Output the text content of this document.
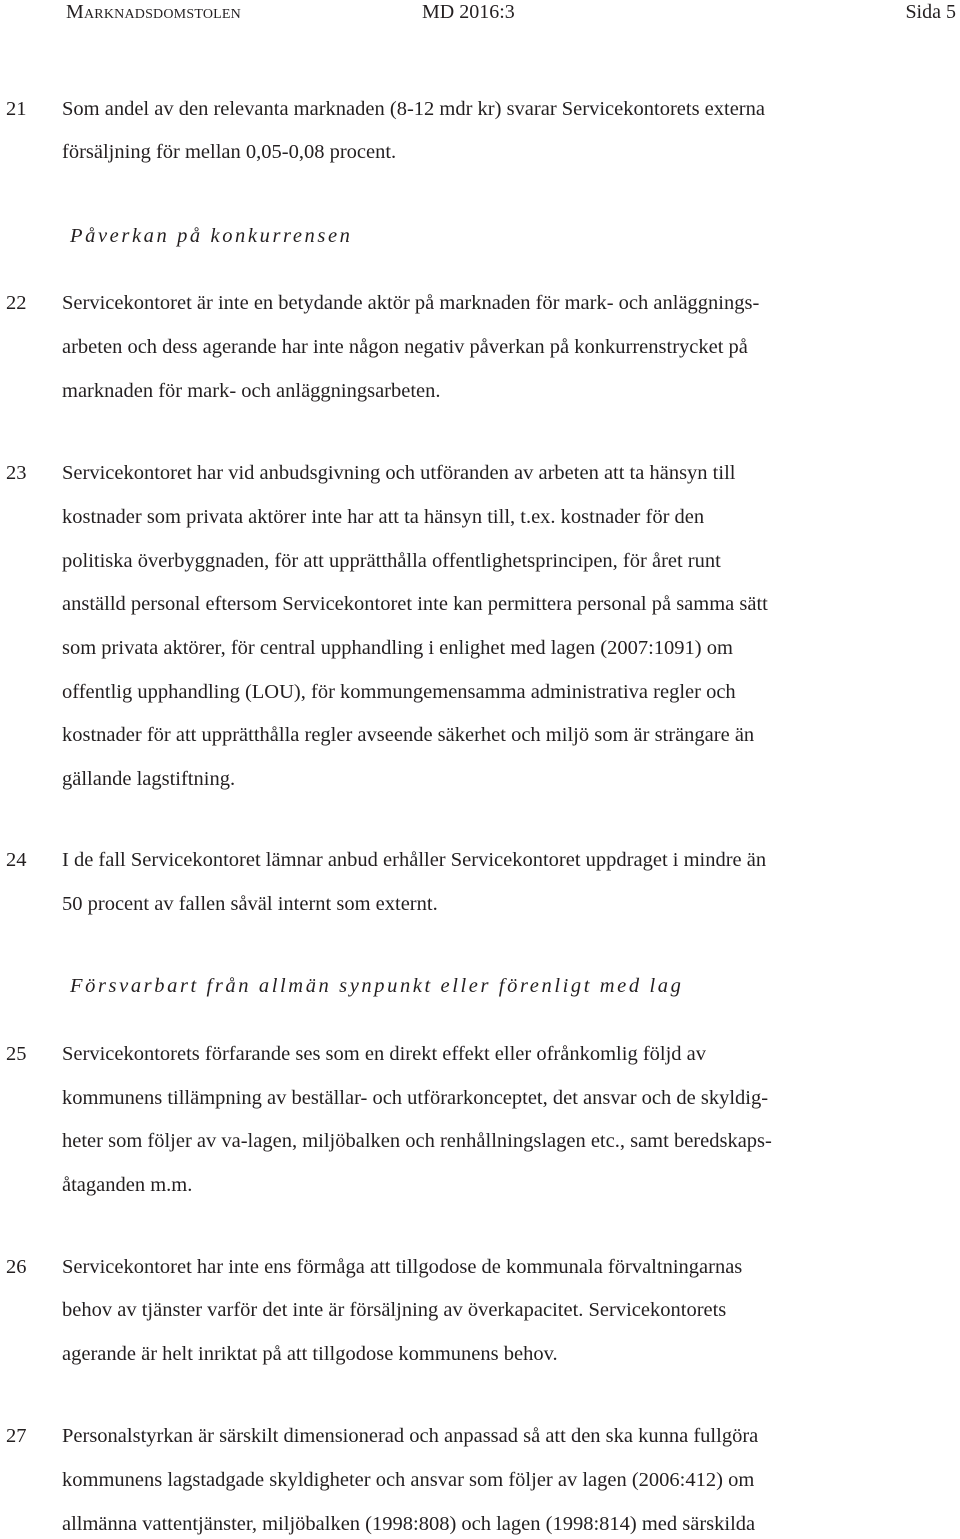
Marknadsdomstolen	MD 2016:3	Sida 5
21 Som andel av den relevanta marknaden (8-12 mdr kr) svarar Servicekontorets externa
försäljning för mellan 0,05-0,08 procent.
Påverkan på konkurrensen
22 Servicekontoret är inte en betydande aktör på marknaden för mark- och anläggnings-
arbeten och dess agerande har inte någon negativ påverkan på konkurrenstrycket på
marknaden för mark- och anläggningsarbeten.
23 Servicekontoret har vid anbudsgivning och utföranden av arbeten att ta hänsyn till
kostnader som privata aktörer inte har att ta hänsyn till, t.ex. kostnader för den
politiska överbyggnaden, för att upprätthålla offentlighetsprincipen, för året runt
anställd personal eftersom Servicekontoret inte kan permittera personal på samma sätt
som privata aktörer, för central upphandling i enlighet med lagen (2007:1091) om
offentlig upphandling (LOU), för kommungemensamma administrativa regler och
kostnader för att upprätthålla regler avseende säkerhet och miljö som är strängare än
gällande lagstiftning.
24 I de fall Servicekontoret lämnar anbud erhåller Servicekontoret uppdraget i mindre än
50 procent av fallen såväl internt som externt.
Försvarbart från allmän synpunkt eller förenligt med lag
25 Servicekontorets förfarande ses som en direkt effekt eller ofrånkomlig följd av
kommunens tillämpning av beställar- och utförarkonceptet, det ansvar och de skyldig-
heter som följer av va-lagen, miljöbalken och renhållningslagen etc., samt beredskaps-
åtaganden m.m.
26 Servicekontoret har inte ens förmåga att tillgodose de kommunala förvaltningarnas
behov av tjänster varför det inte är försäljning av överkapacitet. Servicekontorets
agerande är helt inriktat på att tillgodose kommunens behov.
27 Personalstyrkan är särskilt dimensionerad och anpassad så att den ska kunna fullgöra
kommunens lagstadgade skyldigheter och ansvar som följer av lagen (2006:412) om
allmänna vattentjänster, miljöbalken (1998:808) och lagen (1998:814) med särskilda
